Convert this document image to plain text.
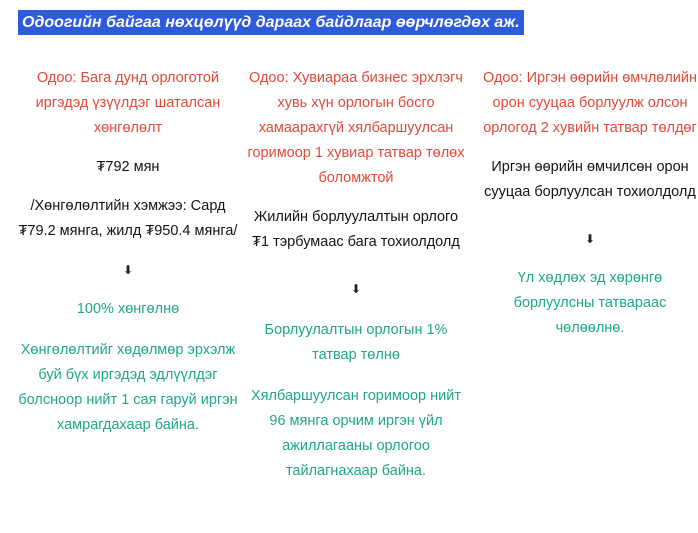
Одоогийн байгаа нөхцөлүүд дараах байдлаар өөрчлөгдөх аж.

Одоо: Бага дунд орлоготой иргэдэд үзүүлдэг шаталсан хөнгөлөлт

₮792 мян

/Хөнгөлөлтийн хэмжээ: Сард ₮79.2 мянга, жилд ₮950.4 мянга/

⬇

100% хөнгөлнө

Хөнгөлөлтийг хөдөлмөр эрхэлж буй бүх иргэдэд эдлүүлдэг болсноор нийт 1 сая гаруй иргэн хамрагдахаар байна.

Одоо: Хувиараа бизнес эрхлэгч хувь хүн орлогын босго хамаарахгүй хялбаршуулсан горимоор 1 хувиар татвар төлөх боломжтой

Жилийн борлуулалтын орлого ₮1 тэрбумаас бага тохиолдолд

⬇

Борлуулалтын орлогын 1% татвар төлнө

Хялбаршуулсан горимоор нийт 96 мянга орчим иргэн үйл ажиллагааны орлогоо тайлагнахаар байна.

Одоо: Иргэн өөрийн өмчлөлийн орон сууцаа борлуулж олсон орлогод 2 хувийн татвар төлдөг

Иргэн өөрийн өмчилсөн орон сууцаа борлуулсан тохиолдолд

⬇

Үл хөдлөх эд хөрөнгө борлуулсны татвараас чөлөөлнө.
